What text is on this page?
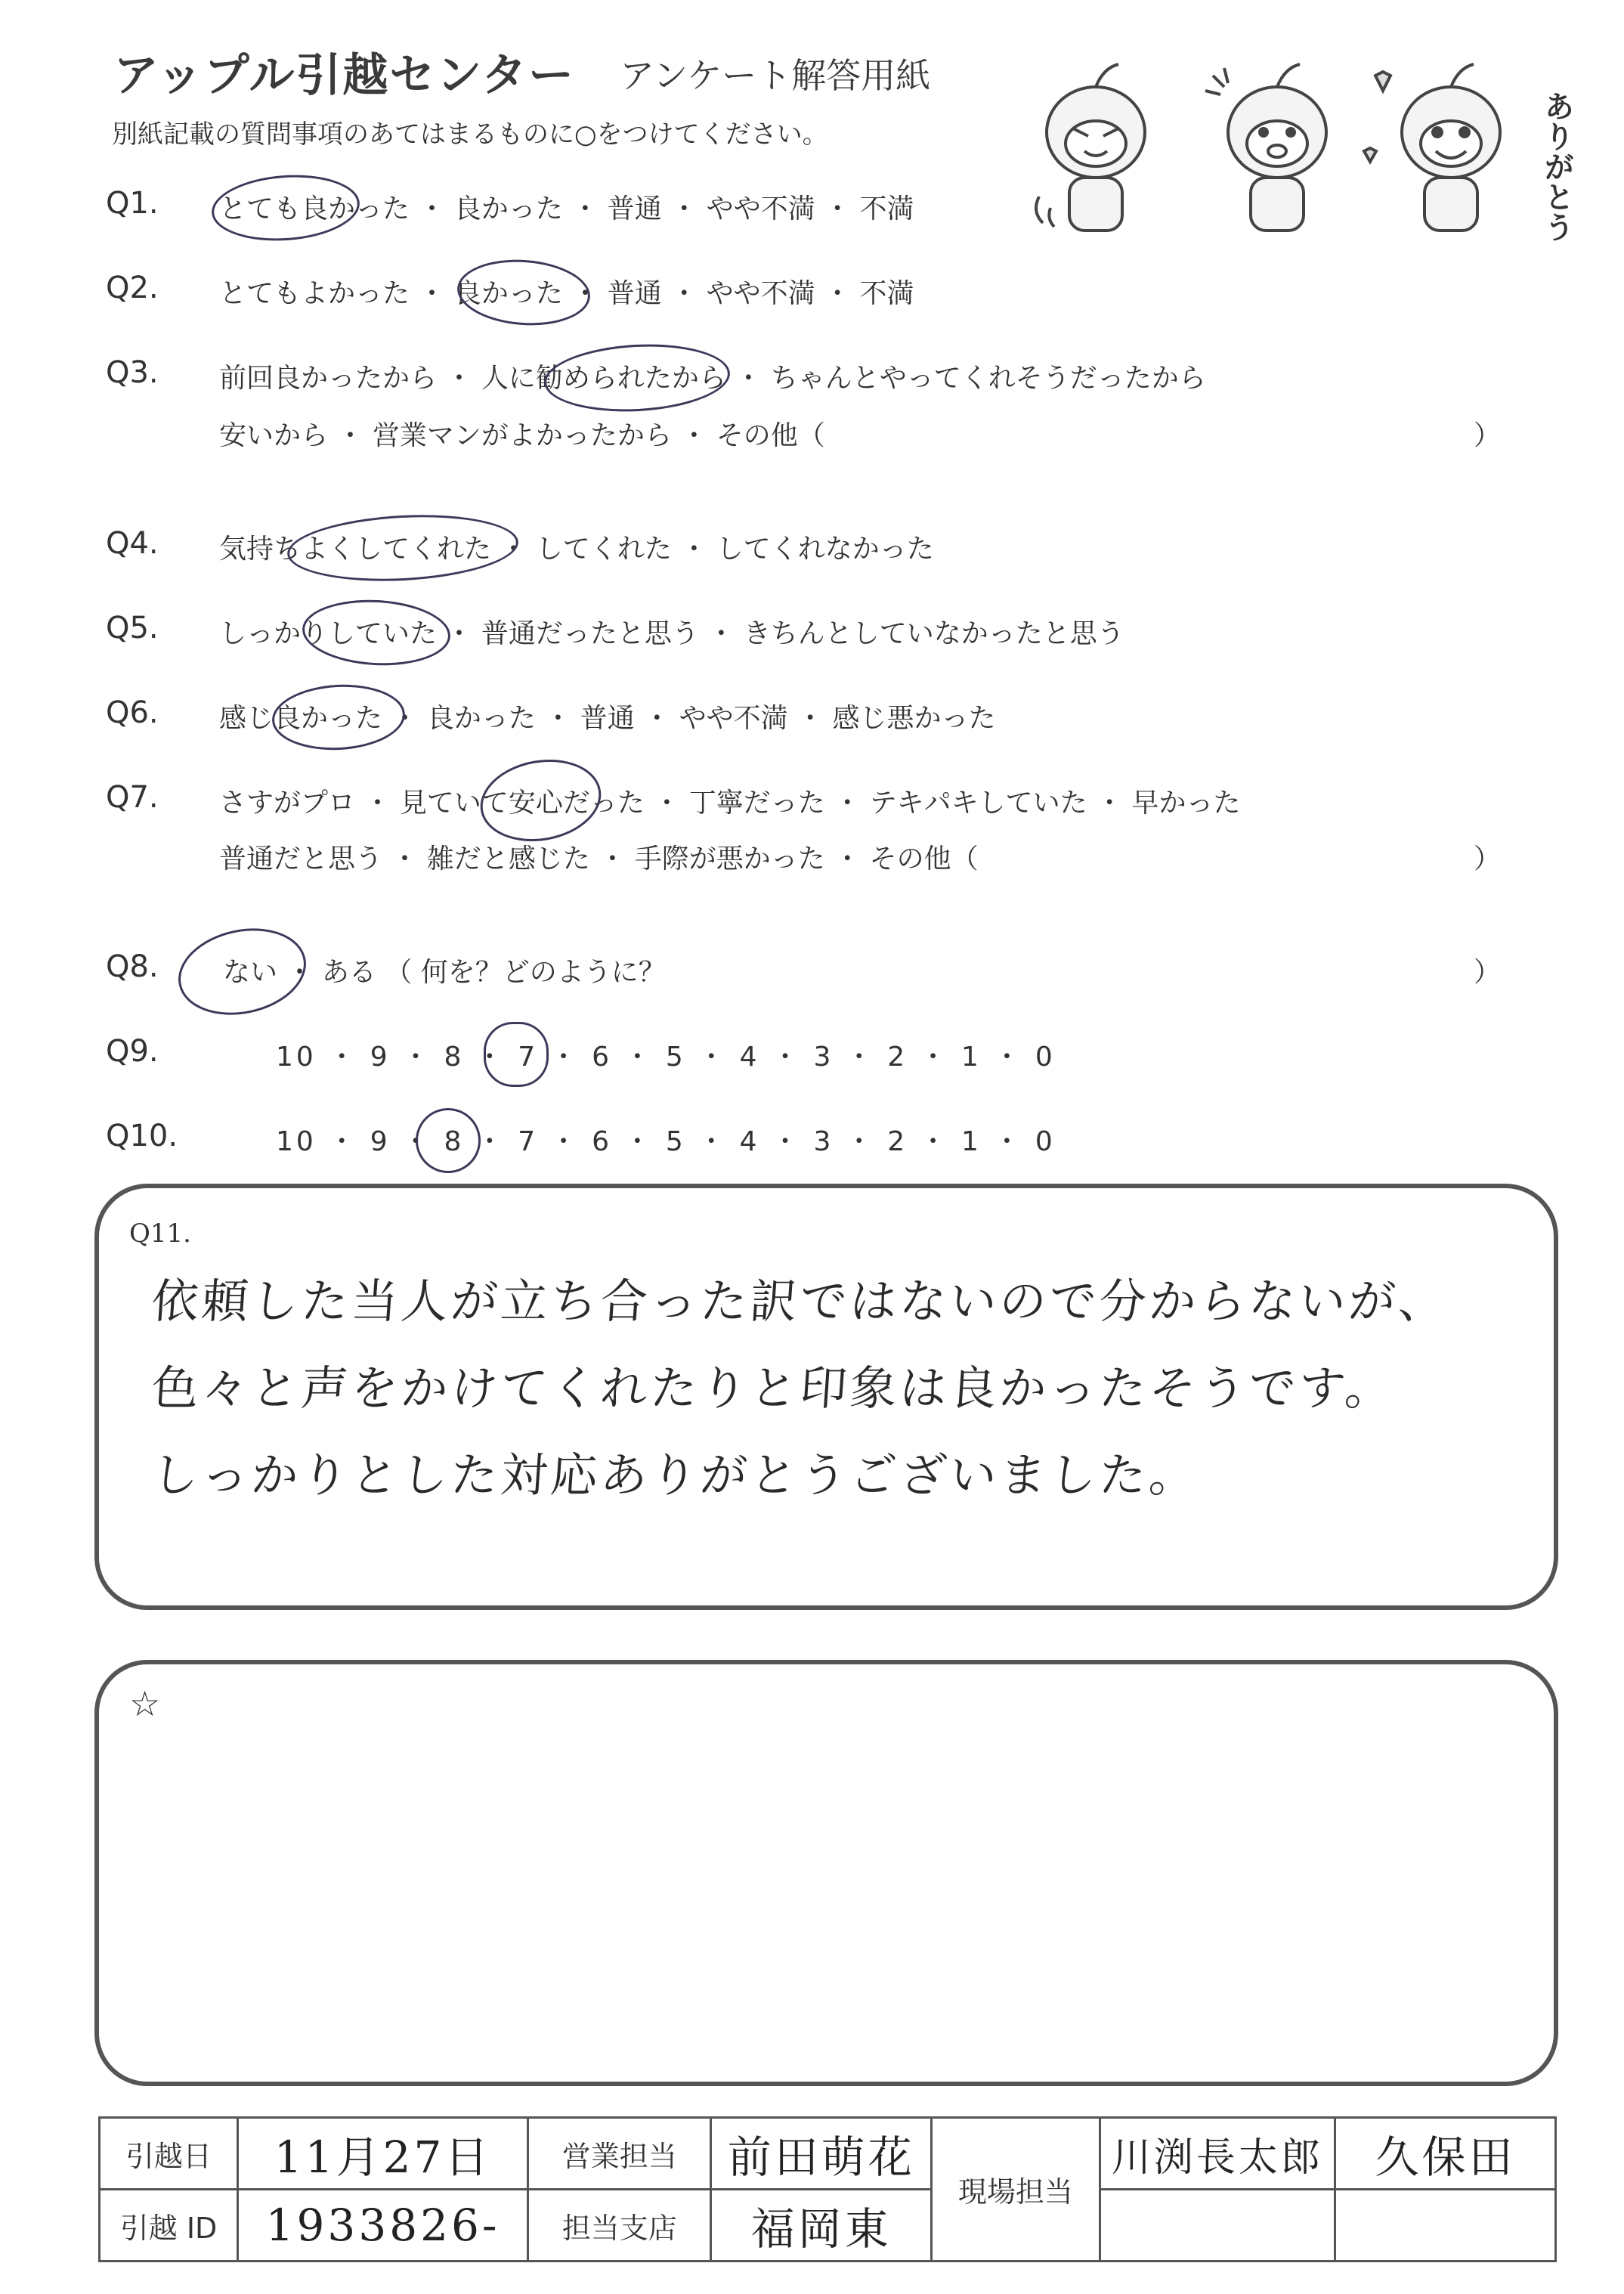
アップル引越センター アンケート解答用紙
別紙記載の質問事項のあてはまるものに○をつけてください。	ありがとう
Q1. とても良かった ・ 良かった ・ 普通 ・ やや不満 ・ 不満
Q2. とてもよかった ・ 良かった ・ 普通 ・ やや不満 ・ 不満
Q3. 前回良かったから ・ 人に勧められたから ・ ちゃんとやってくれそうだったから
安いから ・ 営業マンがよかったから ・ その他（	）
Q4. 気持ちよくしてくれた ・ してくれた ・ してくれなかった
Q5. しっかりしていた ・ 普通だったと思う ・ きちんとしていなかったと思う
Q6. 感じ良かった ・ 良かった ・ 普通 ・ やや不満 ・ 感じ悪かった
Q7. さすがプロ ・ 見ていて安心だった ・ 丁寧だった ・ テキパキしていた ・ 早かった
普通だと思う ・ 雑だと感じた ・ 手際が悪かった ・ その他（	）
Q8. ない ・ ある （ 何を？どのように？	）
Q9.	10 ・ 9 ・ 8 ・ 7 ・ 6 ・ 5 ・ 4 ・ 3 ・ 2 ・ 1 ・ 0
Q10.	10 ・ 9 ・ 8 ・ 7 ・ 6 ・ 5 ・ 4 ・ 3 ・ 2 ・ 1 ・ 0
Q11.
依頼した当人が立ち合った訳ではないので分からないが、
色々と声をかけてくれたりと印象は良かったそうです。
しっかりとした対応ありがとうございました。
☆
引越日	11月27日	営業担当	前田萌花	現場担当	川渕長太郎	久保田
引越 ID	1933826-	担当支店	福岡東			
